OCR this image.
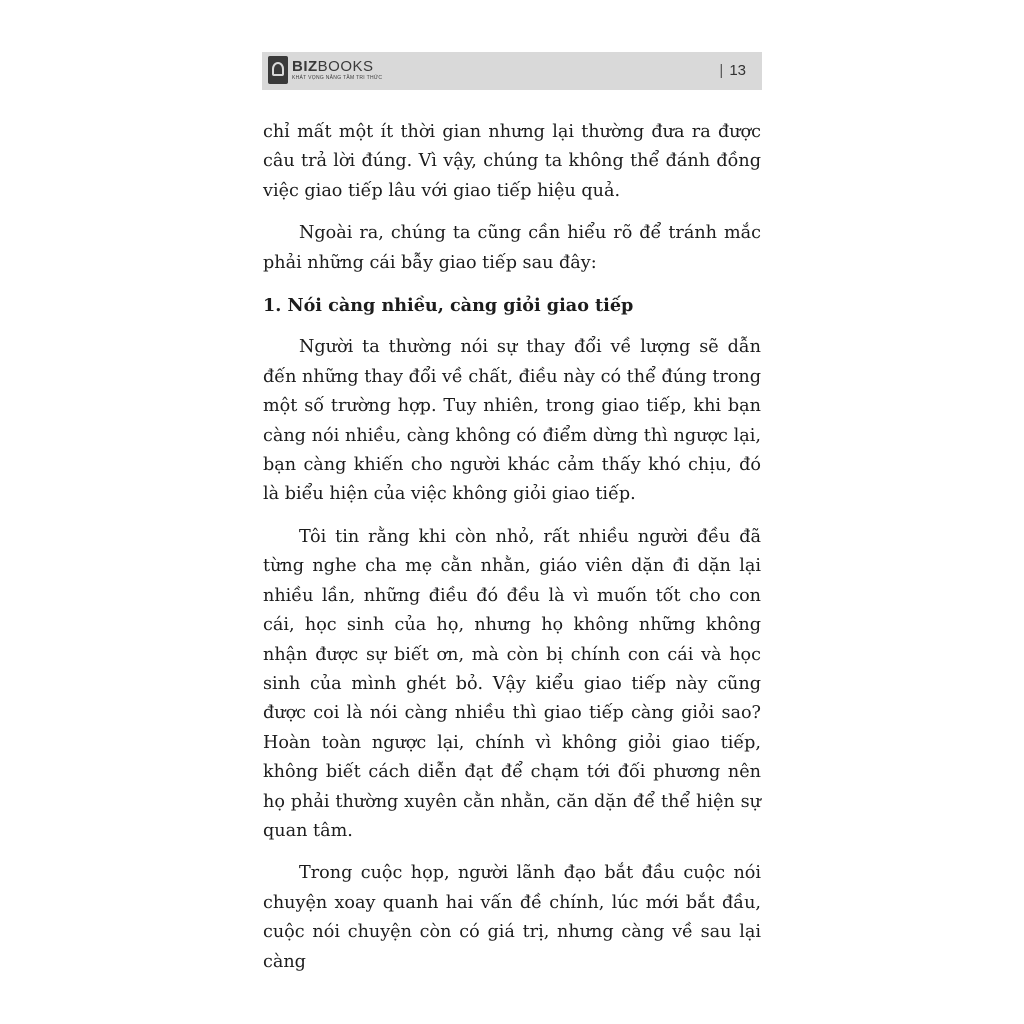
BIZBOOKS
KHÁT VỌNG NÂNG TẦM TRI THỨC	| 13

chỉ mất một ít thời gian nhưng lại thường đưa ra được câu trả lời đúng. Vì vậy, chúng ta không thể đánh đồng việc giao tiếp lâu với giao tiếp hiệu quả.

Ngoài ra, chúng ta cũng cần hiểu rõ để tránh mắc phải những cái bẫy giao tiếp sau đây:

1. Nói càng nhiều, càng giỏi giao tiếp

Người ta thường nói sự thay đổi về lượng sẽ dẫn đến những thay đổi về chất, điều này có thể đúng trong một số trường hợp. Tuy nhiên, trong giao tiếp, khi bạn càng nói nhiều, càng không có điểm dừng thì ngược lại, bạn càng khiến cho người khác cảm thấy khó chịu, đó là biểu hiện của việc không giỏi giao tiếp.

Tôi tin rằng khi còn nhỏ, rất nhiều người đều đã từng nghe cha mẹ cằn nhằn, giáo viên dặn đi dặn lại nhiều lần, những điều đó đều là vì muốn tốt cho con cái, học sinh của họ, nhưng họ không những không nhận được sự biết ơn, mà còn bị chính con cái và học sinh của mình ghét bỏ. Vậy kiểu giao tiếp này cũng được coi là nói càng nhiều thì giao tiếp càng giỏi sao? Hoàn toàn ngược lại, chính vì không giỏi giao tiếp, không biết cách diễn đạt để chạm tới đối phương nên họ phải thường xuyên cằn nhằn, căn dặn để thể hiện sự quan tâm.

Trong cuộc họp, người lãnh đạo bắt đầu cuộc nói chuyện xoay quanh hai vấn đề chính, lúc mới bắt đầu, cuộc nói chuyện còn có giá trị, nhưng càng về sau lại càng
